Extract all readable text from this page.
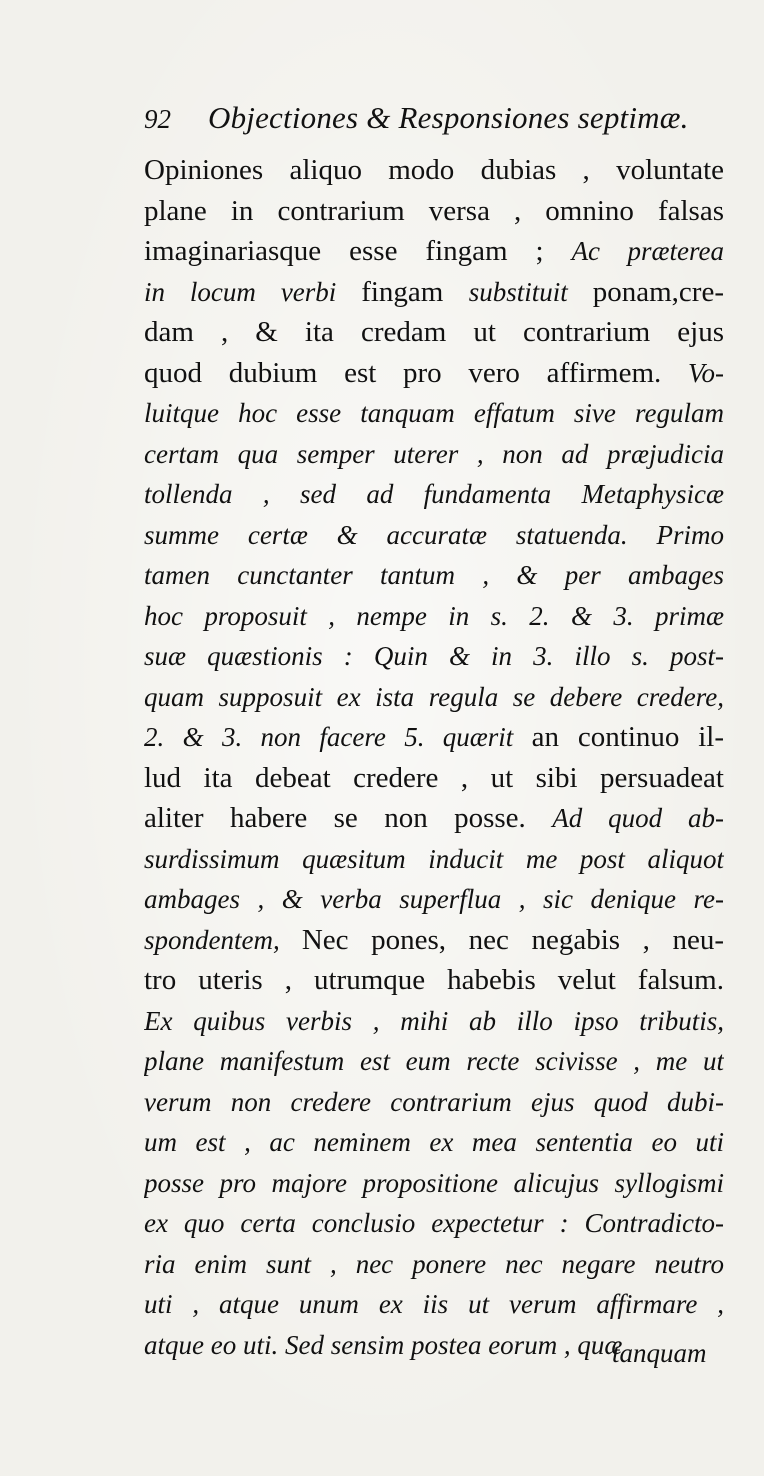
92 Objectiones & Responsiones septimæ.
Opiniones aliquo modo dubias , voluntate
plane in contrarium versa , omnino falsas
imaginariasque esse fingam ; Ac præterea
in locum verbi fingam substituit ponam,cre-
dam , & ita credam ut contrarium ejus
quod dubium est pro vero affirmem. Vo-
luitque hoc esse tanquam effatum sive regulam
certam qua semper uterer , non ad præjudicia
tollenda , sed ad fundamenta Metaphysicæ
summe certæ & accuratæ statuenda. Primo
tamen cunctanter tantum , & per ambages
hoc proposuit , nempe in s. 2. & 3. primæ
suæ quæstionis : Quin & in 3. illo s. post-
quam supposuit ex ista regula se debere credere,
2. & 3. non facere 5. quærit an continuo il-
lud ita debeat credere , ut sibi persuadeat
aliter habere se non posse. Ad quod ab-
surdissimum quæsitum inducit me post aliquot
ambages , & verba superflua , sic denique re-
spondentem, Nec pones, nec negabis , neu-
tro uteris , utrumque habebis velut falsum.
Ex quibus verbis , mihi ab illo ipso tributis,
plane manifestum est eum recte scivisse , me ut
verum non credere contrarium ejus quod dubi-
um est , ac neminem ex mea sententia eo uti
posse pro majore propositione alicujus syllogismi
ex quo certa conclusio expectetur : Contradicto-
ria enim sunt , nec ponere nec negare neutro
uti , atque unum ex iis ut verum affirmare ,
atque eo uti. Sed sensim postea eorum , quæ
tanquam
